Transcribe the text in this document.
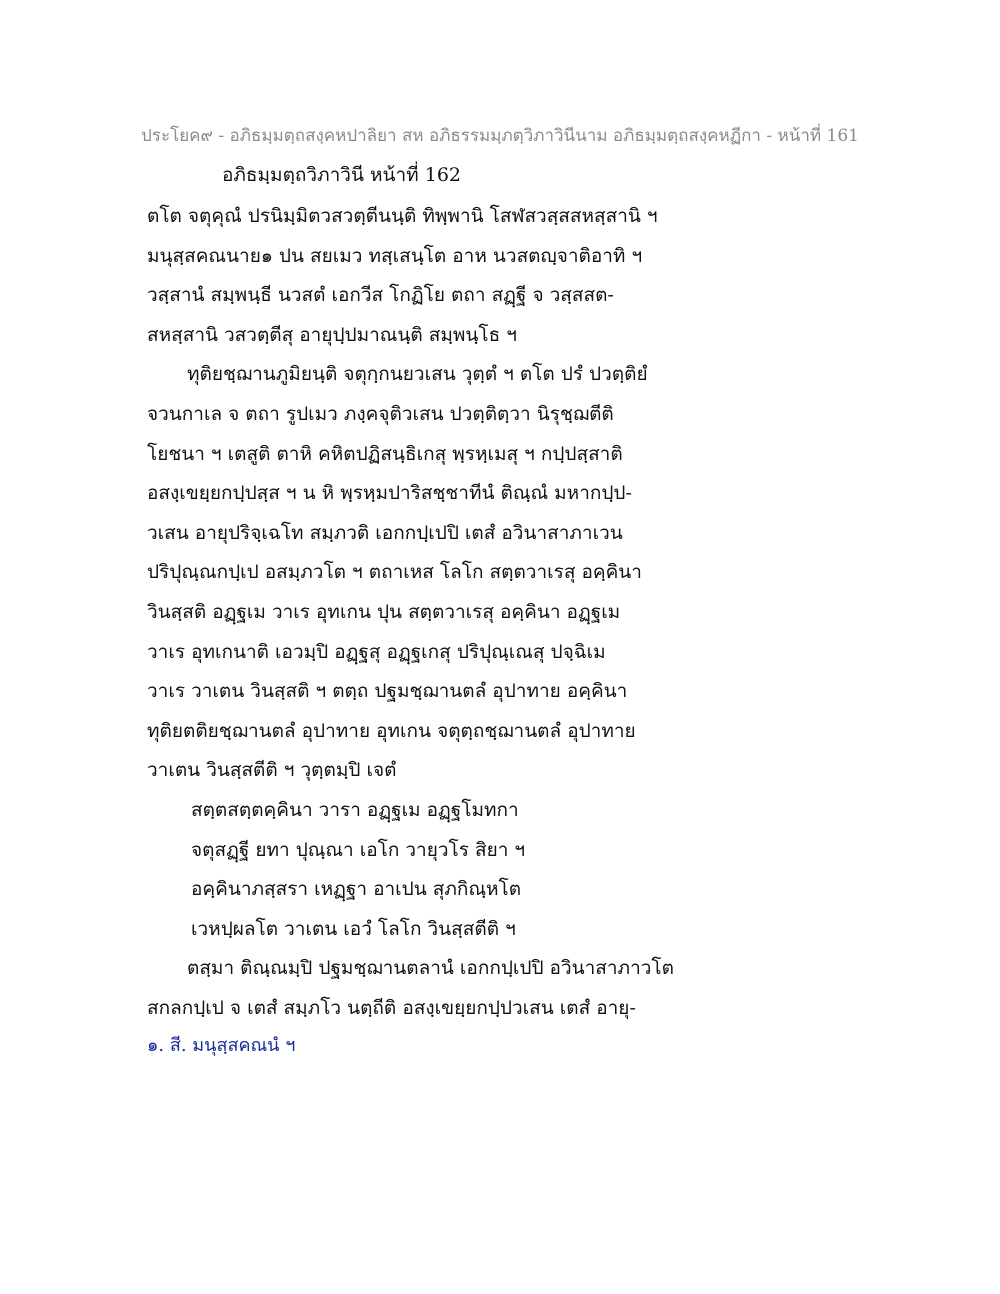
ประโยค๙ - อภิธมฺมตฺถสงฺคหปาลิยา สห อภิธรรมมฺภตฺวิภาวินีนาม อภิธมฺมตฺถสงฺคหฏีกา - หน้าที่ 161
อภิธมฺมตฺถวิภาวินี หน้าที่ 162
ตโต จตุคุณํ ปรนิมฺมิตวสวตฺตีนนฺติ ทิพฺพานิ โสฬสวสฺสสหสฺสานิ ฯ
มนุสฺสคณนาย๑ ปน สยเมว ทสฺเสนฺโต อาห นวสตญฺจาติอาทิ ฯ
วสฺสานํ สมฺพนฺธี นวสตํ เอกวีส โกฏิโย ตถา สฏฺฐี จ วสฺสสต-
สหสฺสานิ วสวตฺตีสุ อายุปฺปมาณนฺติ สมฺพนฺโธ ฯ
ทุติยชฺฌานภูมิยนฺติ จตุกฺกนยวเสน วุตฺตํ ฯ ตโต ปรํ ปวตฺติยํ
จวนกาเล จ ตถา รูปเมว ภงฺคจุติวเสน ปวตฺติตฺวา นิรุชฺฌตีติ
โยชนา ฯ เตสูติ ตาหิ คหิตปฏิสนฺธิเกสุ พฺรหฺเมสุ ฯ กปฺปสฺสาติ
อสงฺเขยฺยกปฺปสฺส ฯ น หิ พฺรหฺมปาริสชฺชาทีนํ ติณฺณํ มหากปฺป-
วเสน อายุปริจฺเฉโท สมฺภวติ เอกกปฺเปปิ เตสํ อวินาสาภาเวน
ปริปุณฺณกปฺเป อสมฺภวโต ฯ ตถาเหส โลโก สตฺตวาเรสุ อคฺคินา
วินสฺสติ อฏฺฐเม วาเร อุทเกน ปุน สตฺตวาเรสุ อคฺคินา อฏฺฐเม
วาเร อุทเกนาติ เอวมฺปิ อฏฺฐสุ อฏฺฐเกสุ ปริปุณฺเณสุ ปจฺฉิเม
วาเร วาเตน วินสฺสติ ฯ ตตฺถ ปฐมชฺฌานตลํ อุปาทาย อคฺคินา
ทุติยตติยชฺฌานตลํ อุปาทาย อุทเกน จตุตฺถชฺฌานตลํ อุปาทาย
วาเตน วินสฺสตีติ ฯ วุตฺตมฺปิ เจตํ
สตฺตสตฺตคฺคินา วารา อฏฺฐเม อฏฺฐโมทกา
จตุสฏฺฐี ยทา ปุณฺณา เอโก วายุวโร สิยา ฯ
อคฺคินาภสฺสรา เหฏฺฐา อาเปน สุภกิณฺหโต
เวหปฺผลโต วาเตน เอวํ โลโก วินสฺสตีติ ฯ
ตสฺมา ติณฺณมฺปิ ปฐมชฺฌานตลานํ เอกกปฺเปปิ อวินาสาภาวโต
สกลกปฺเป จ เตสํ สมฺภโว นตฺถีติ อสงฺเขยฺยกปฺปวเสน เตสํ อายุ-
๑. สี. มนุสฺสคณนํ ฯ
